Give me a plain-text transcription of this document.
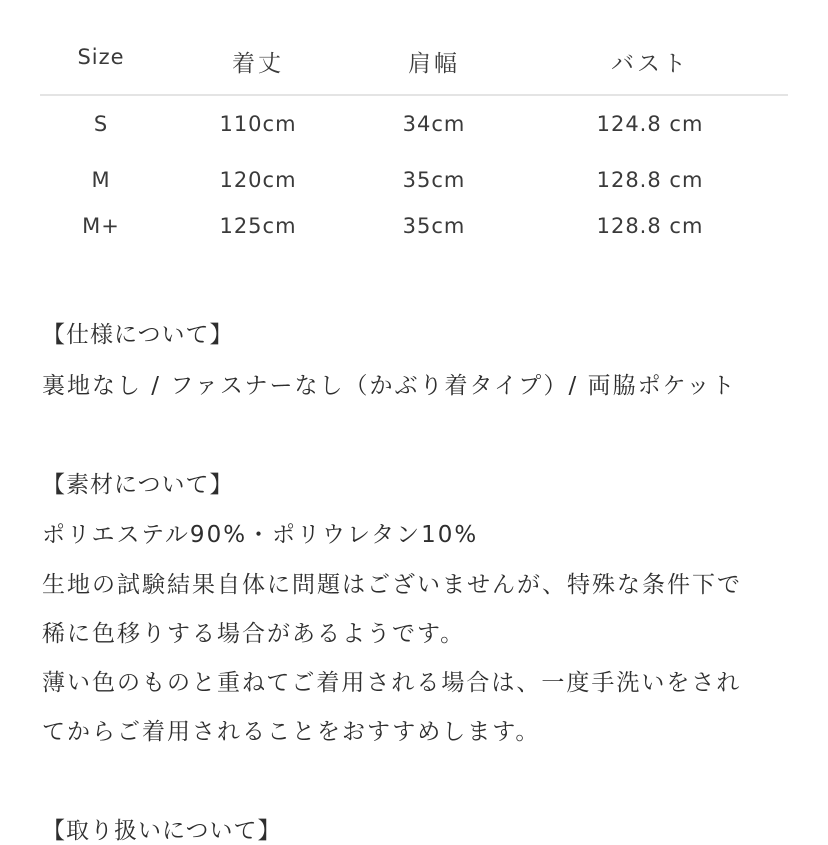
Size	着丈	肩幅	バスト
S	110cm	34cm	124.8 cm
M	120cm	35cm	128.8 cm
M+	125cm	35cm	128.8 cm
【仕様について】
裏地なし / ファスナーなし（かぶり着タイプ）/ 両脇ポケット
【素材について】
ポリエステル90%・ポリウレタン10%
生地の試験結果自体に問題はございませんが、特殊な条件下で
稀に色移りする場合があるようです。
薄い色のものと重ねてご着用される場合は、一度手洗いをされ
てからご着用されることをおすすめします。
【取り扱いについて】
